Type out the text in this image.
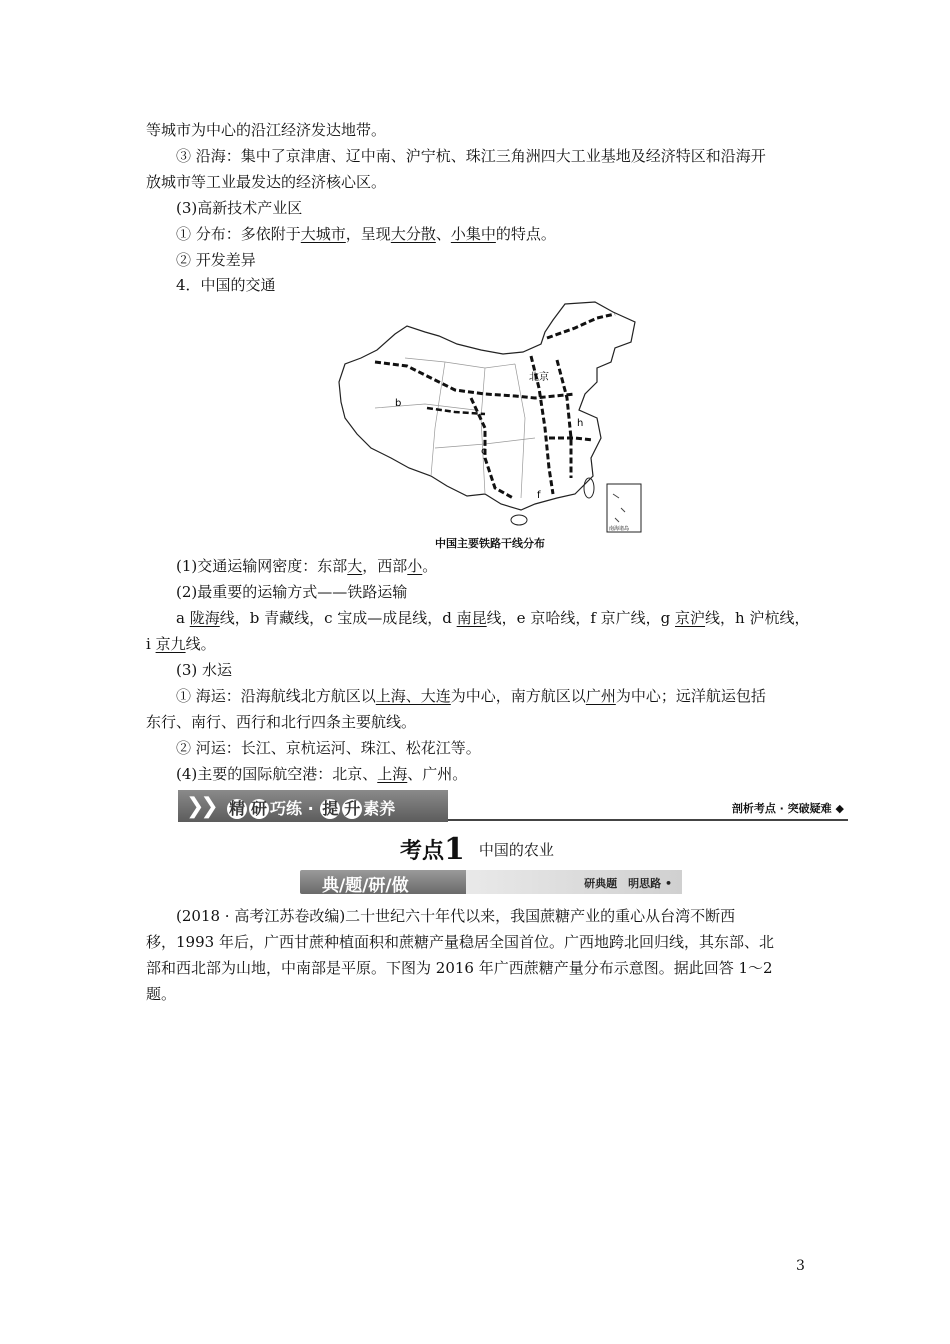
等城市为中心的沿江经济发达地带。
③ 沿海：集中了京津唐、辽中南、沪宁杭、珠江三角洲四大工业基地及经济特区和沿海开
放城市等工业最发达的经济核心区。
(3)高新技术产业区
① 分布：多依附于大城市，呈现大分散、小集中的特点。
② 开发差异
4．中国的交通
北京
b
c
f
h
南海诸岛
中国主要铁路干线分布
(1)交通运输网密度：东部大，西部小。
(2)最重要的运输方式——铁路运输
a 陇海线，b 青藏线，c 宝成—成昆线，d 南昆线，e 京哈线，f 京广线，g 京沪线，h 沪杭线，
i 京九线。
(3) 水运
① 海运：沿海航线北方航区以上海、大连为中心，南方航区以广州为中心；远洋航运包括
东行、南行、西行和北行四条主要航线。
② 河运：长江、京杭运河、珠江、松花江等。
(4)主要的国际航空港：北京、上海、广州。
❯❯ 精 研 巧练 · 提 升 素养	剖析考点 · 突破疑难 ◆
考点1 中国的农业
典/题/研/做	研典题　明思路 •
(2018 · 高考江苏卷改编)二十世纪六十年代以来，我国蔗糖产业的重心从台湾不断西
移，1993 年后，广西甘蔗种植面积和蔗糖产量稳居全国首位。广西地跨北回归线，其东部、北
部和西北部为山地，中南部是平原。下图为 2016 年广西蔗糖产量分布示意图。据此回答 1～2
题。
3
